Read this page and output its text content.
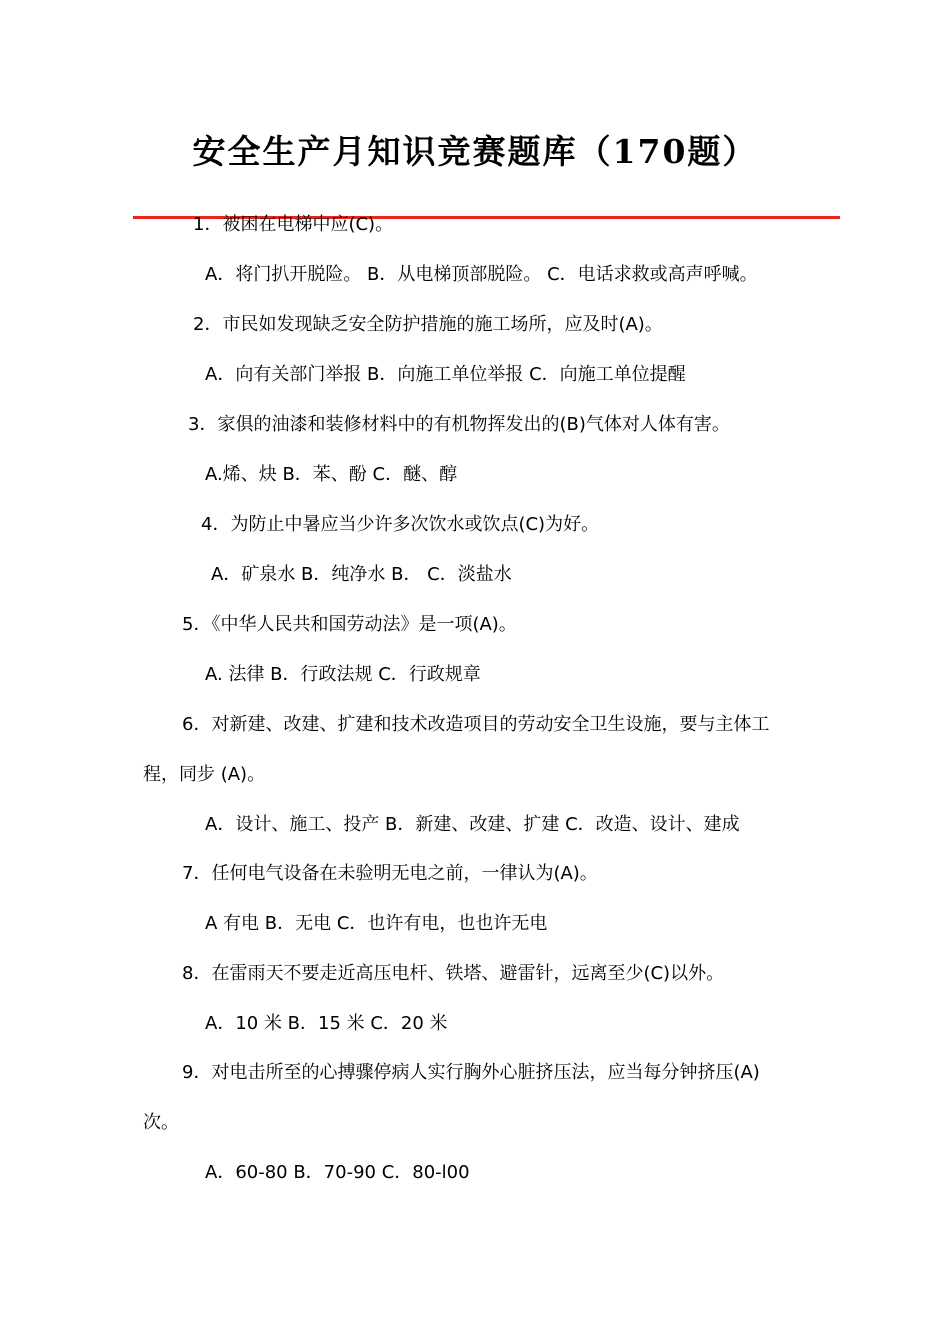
安全生产月知识竞赛题库（170题）
1．被困在电梯中应(C)。
A．将门扒开脱险。 B．从电梯顶部脱险。 C．电话求救或高声呼喊。
2．市民如发现缺乏安全防护措施的施工场所，应及时(A)。
A．向有关部门举报 B．向施工单位举报 C．向施工单位提醒
3．家俱的油漆和装修材料中的有机物挥发出的(B)气体对人体有害。
A.烯、炔 B．苯、酚 C．醚、醇
4．为防止中暑应当少许多次饮水或饮点(C)为好。
A．矿泉水 B．纯净水 B． C．淡盐水
5．《中华人民共和国劳动法》是一项(A)。
A. 法律 B．行政法规 C．行政规章
6．对新建、改建、扩建和技术改造项目的劳动安全卫生设施，要与主体工
程，同步 (A)。
A．设计、施工、投产 B．新建、改建、扩建 C．改造、设计、建成
7．任何电气设备在未验明无电之前，一律认为(A)。
A 有电 B．无电 C．也许有电，也也许无电
8．在雷雨天不要走近高压电杆、铁塔、避雷针，远离至少(C)以外。
A．10 米 B．15 米 C．20 米
9．对电击所至的心搏骤停病人实行胸外心脏挤压法，应当每分钟挤压(A)
次。
A．60-80 B．70-90 C．80-l00
